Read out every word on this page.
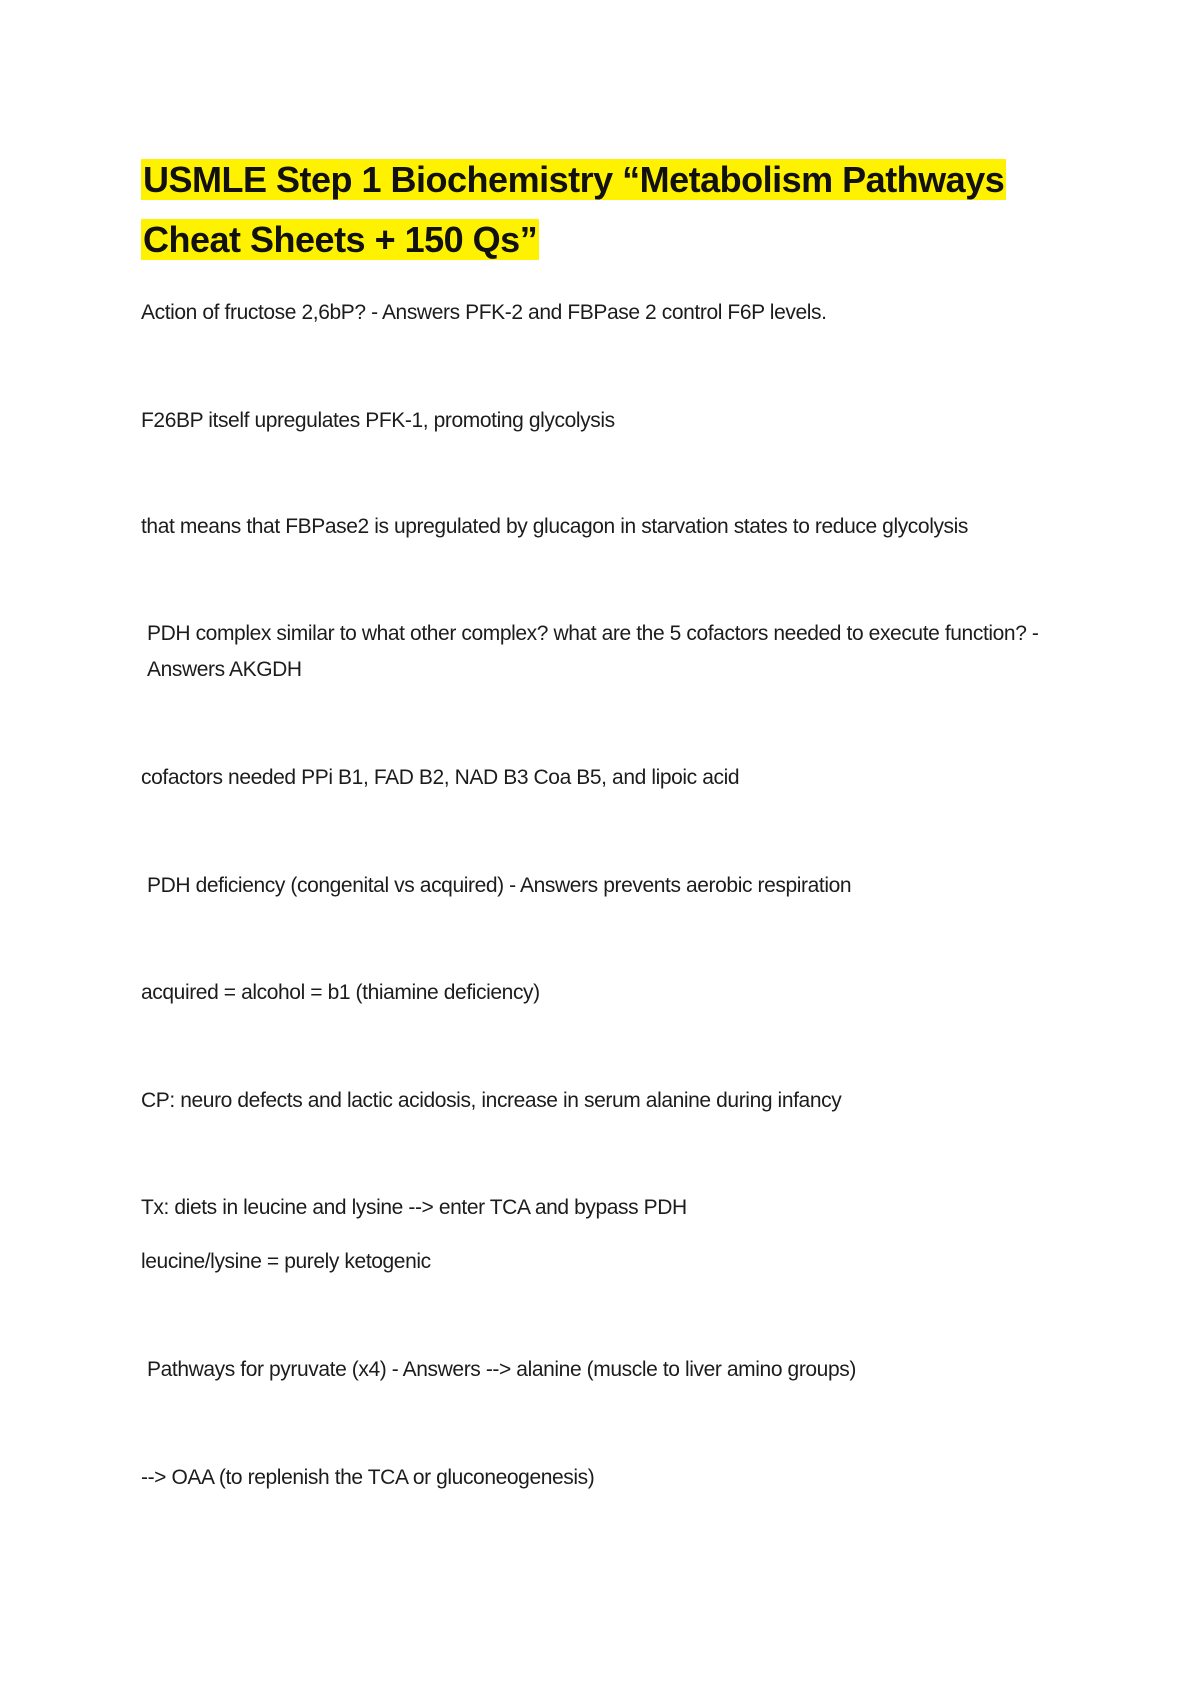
USMLE Step 1 Biochemistry “Metabolism Pathways Cheat Sheets + 150 Qs”

Action of fructose 2,6bP? - Answers PFK-2 and FBPase 2 control F6P levels.

F26BP itself upregulates PFK-1, promoting glycolysis

that means that FBPase2 is upregulated by glucagon in starvation states to reduce glycolysis

PDH complex similar to what other complex? what are the 5 cofactors needed to execute function? - Answers AKGDH

cofactors needed PPi B1, FAD B2, NAD B3 Coa B5, and lipoic acid

PDH deficiency (congenital vs acquired) - Answers prevents aerobic respiration

acquired = alcohol = b1 (thiamine deficiency)

CP: neuro defects and lactic acidosis, increase in serum alanine during infancy

Tx: diets in leucine and lysine --> enter TCA and bypass PDH

leucine/lysine = purely ketogenic

Pathways for pyruvate (x4) - Answers --> alanine (muscle to liver amino groups)

--> OAA (to replenish the TCA or gluconeogenesis)
